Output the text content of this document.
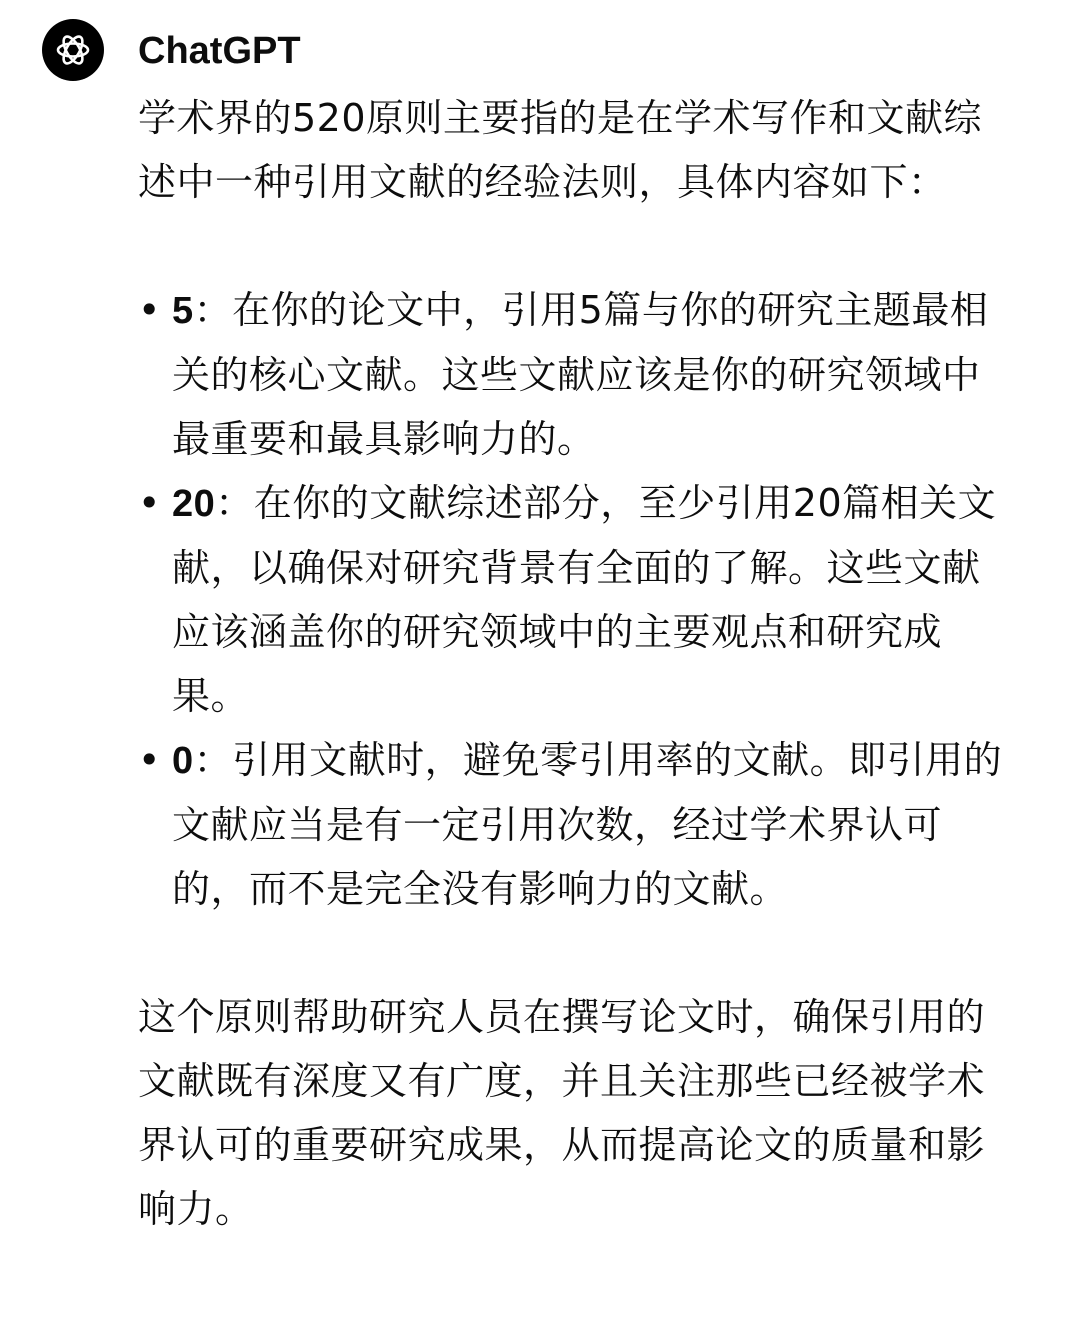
ChatGPT

学术界的520原则主要指的是在学术写作和文献综述中一种引用文献的经验法则，具体内容如下：

• 5：在你的论文中，引用5篇与你的研究主题最相关的核心文献。这些文献应该是你的研究领域中最重要和最具影响力的。
• 20：在你的文献综述部分，至少引用20篇相关文献，以确保对研究背景有全面的了解。这些文献应该涵盖你的研究领域中的主要观点和研究成果。
• 0：引用文献时，避免零引用率的文献。即引用的文献应当是有一定引用次数，经过学术界认可的，而不是完全没有影响力的文献。

这个原则帮助研究人员在撰写论文时，确保引用的文献既有深度又有广度，并且关注那些已经被学术界认可的重要研究成果，从而提高论文的质量和影响力。
